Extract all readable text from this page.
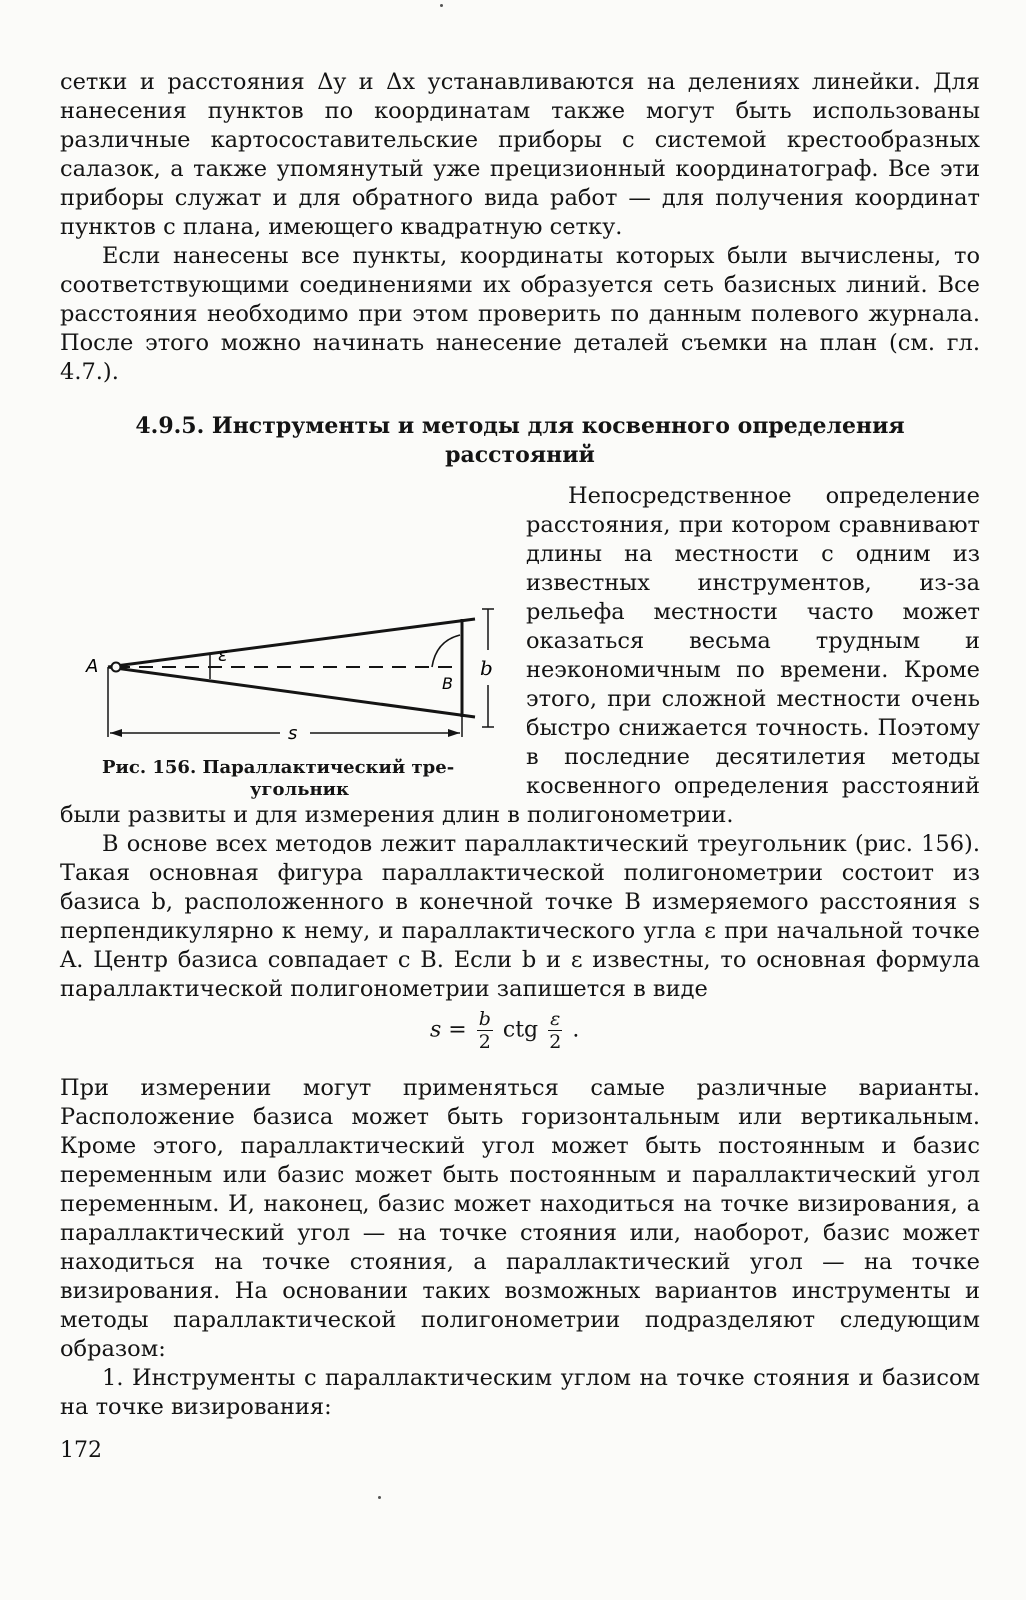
сетки и расстояния Δy и Δx устанавливаются на делениях линейки. Для нанесения пунктов по координатам также могут быть использованы различные картосоставительские приборы с системой крестообразных салазок, а также упомянутый уже прецизионный координатограф. Все эти приборы служат и для обратного вида работ — для получения координат пунктов с плана, имеющего квадратную сетку.

Если нанесены все пункты, координаты которых были вычислены, то соответствующими соединениями их образуется сеть базисных линий. Все расстояния необходимо при этом проверить по данным полевого журнала. После этого можно начинать нанесение деталей съемки на план (см. гл. 4.7.).

4.9.5. Инструменты и методы для косвенного определения расстояний

A
ε
B
b
s
Рис. 156. Параллактический тре-
угольник
Непосредственное определение расстояния, при котором сравнивают длины на местности с одним из известных инструментов, из-за рельефа местности часто может оказаться весьма трудным и неэкономичным по времени. Кроме этого, при сложной местности очень быстро снижается точность. Поэтому в последние десятилетия методы косвенного определения расстояний были развиты и для измерения длин в полигонометрии.

В основе всех методов лежит параллактический треугольник (рис. 156). Такая основная фигура параллактической полигонометрии состоит из базиса b, расположенного в конечной точке B измеряемого расстояния s перпендикулярно к нему, и параллактического угла ε при начальной точке A. Центр базиса совпадает с B. Если b и ε известны, то основная формула параллактической полигонометрии запишется в виде

$s = \frac{b}{2}$ ctg $\frac{\varepsilon}{2}$ .

При измерении могут применяться самые различные варианты. Расположение базиса может быть горизонтальным или вертикальным. Кроме этого, параллактический угол может быть постоянным и базис переменным или базис может быть постоянным и параллактический угол переменным. И, наконец, базис может находиться на точке визирования, а параллактический угол — на точке стояния или, наоборот, базис может находиться на точке стояния, а параллактический угол — на точке визирования. На основании таких возможных вариантов инструменты и методы параллактической полигонометрии подразделяют следующим образом:

1. Инструменты с параллактическим углом на точке стояния и базисом на точке визирования:

172
